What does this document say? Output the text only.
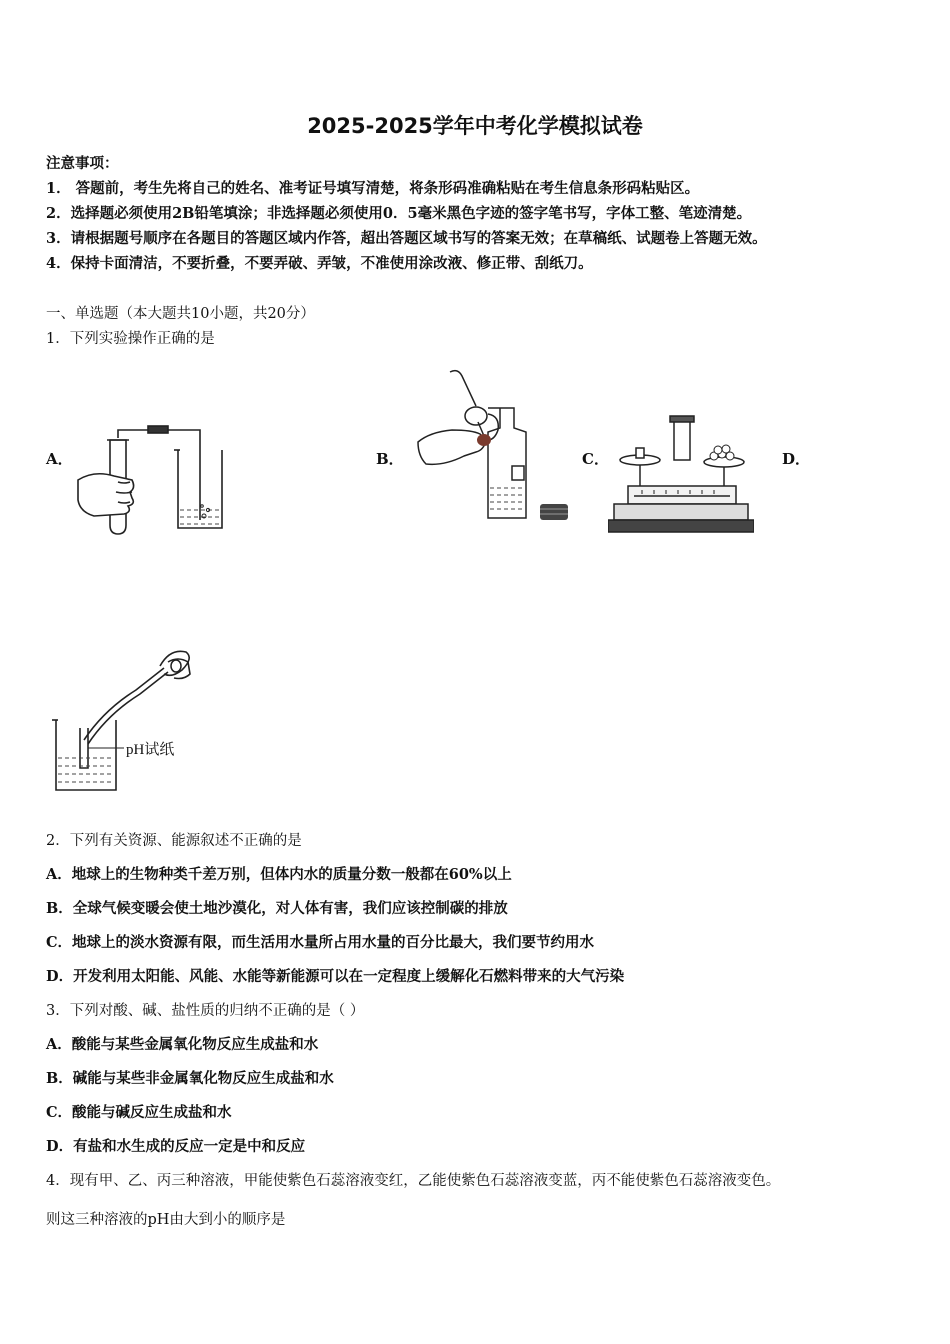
2025-2025学年中考化学模拟试卷
注意事项：
1． 答题前，考生先将自己的姓名、准考证号填写清楚，将条形码准确粘贴在考生信息条形码粘贴区。
2．选择题必须使用2B铅笔填涂；非选择题必须使用0．5毫米黑色字迹的签字笔书写，字体工整、笔迹清楚。
3．请根据题号顺序在各题目的答题区域内作答，超出答题区域书写的答案无效；在草稿纸、试题卷上答题无效。
4．保持卡面清洁，不要折叠，不要弄破、弄皱，不准使用涂改液、修正带、刮纸刀。
一、单选题（本大题共10小题，共20分）
1．下列实验操作正确的是
A．	B．	C．	D．
pH试纸
2．下列有关资源、能源叙述不正确的是
A．地球上的生物种类千差万别，但体内水的质量分数一般都在60%以上
B．全球气候变暖会使土地沙漠化，对人体有害，我们应该控制碳的排放
C．地球上的淡水资源有限，而生活用水量所占用水量的百分比最大，我们要节约用水
D．开发利用太阳能、风能、水能等新能源可以在一定程度上缓解化石燃料带来的大气污染
3．下列对酸、碱、盐性质的归纳不正确的是（ ）
A．酸能与某些金属氧化物反应生成盐和水
B．碱能与某些非金属氧化物反应生成盐和水
C．酸能与碱反应生成盐和水
D．有盐和水生成的反应一定是中和反应
4．现有甲、乙、丙三种溶液，甲能使紫色石蕊溶液变红，乙能使紫色石蕊溶液变蓝，丙不能使紫色石蕊溶液变色。
则这三种溶液的pH由大到小的顺序是
